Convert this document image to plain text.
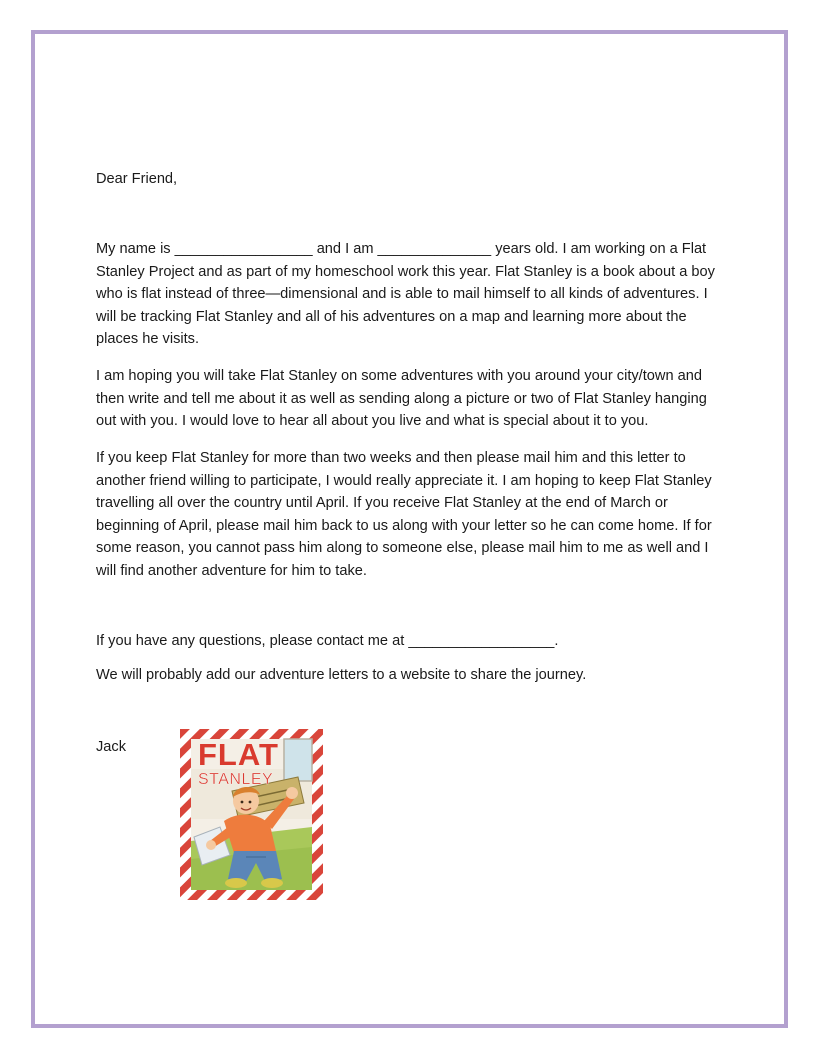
Dear Friend,

My name is _________________ and I am ______________ years old. I am working on a Flat Stanley Project and as part of my homeschool work this year. Flat Stanley is a book about a boy who is flat instead of three—dimensional and is able to mail himself to all kinds of adventures. I will be tracking Flat Stanley and all of his adventures on a map and learning more about the places he visits.

I am hoping you will take Flat Stanley on some adventures with you around your city/town and then write and tell me about it as well as sending along a picture or two of Flat Stanley hanging out with you. I would love to hear all about you live and what is special about it to you.

If you keep Flat Stanley for more than two weeks and then please mail him and this letter to another friend willing to participate, I would really appreciate it. I am hoping to keep Flat Stanley travelling all over the country until April. If you receive Flat Stanley at the end of March or beginning of April, please mail him back to us along with your letter so he can come home. If for some reason, you cannot pass him along to someone else, please mail him to me as well and I will find another adventure for him to take.

If you have any questions, please contact me at __________________.

We will probably add our adventure letters to a website to share the journey.

Jack	FLAT
STANLEY
